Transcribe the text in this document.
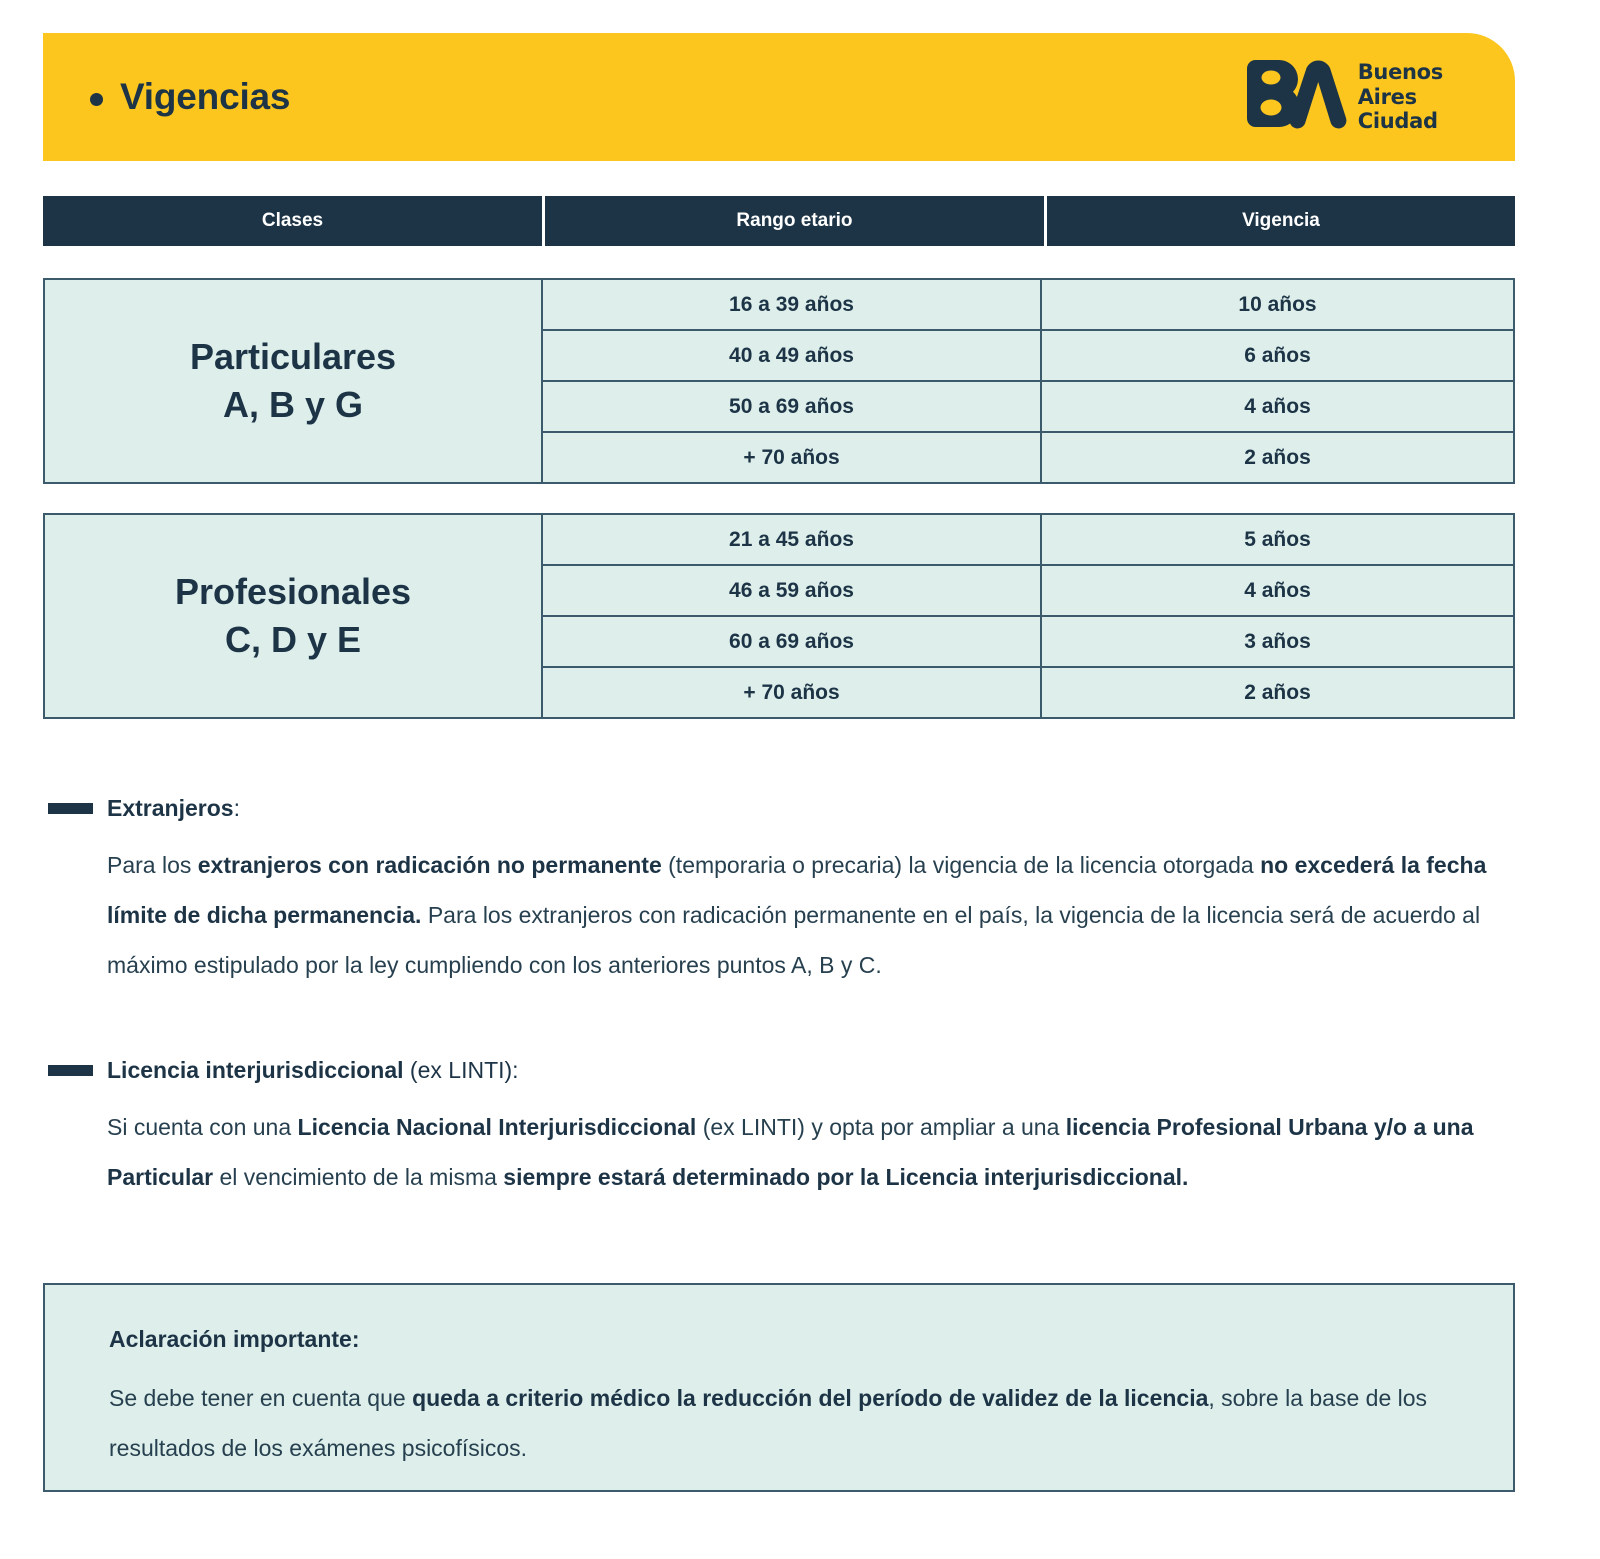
Vigencias
Buenos
Aires
Ciudad
Clases	Rango etario	Vigencia
Particulares
A, B y G
16 a 39 años	10 años
40 a 49 años	6 años
50 a 69 años	4 años
+ 70 años	2 años
Profesionales
C, D y E
21 a 45 años	5 años
46 a 59 años	4 años
60 a 69 años	3 años
+ 70 años	2 años
Extranjeros:
Para los extranjeros con radicación no permanente (temporaria o precaria) la vigencia de la licencia otorgada no excederá la fecha límite de dicha permanencia. Para los extranjeros con radicación permanente en el país, la vigencia de la licencia será de acuerdo al máximo estipulado por la ley cumpliendo con los anteriores puntos A, B y C.
Licencia interjurisdiccional (ex LINTI):
Si cuenta con una Licencia Nacional Interjurisdiccional (ex LINTI) y opta por ampliar a una licencia Profesional Urbana y/o a una Particular el vencimiento de la misma siempre estará determinado por la Licencia interjurisdiccional.
Aclaración importante:
Se debe tener en cuenta que queda a criterio médico la reducción del período de validez de la licencia, sobre la base de los resultados de los exámenes psicofísicos.
